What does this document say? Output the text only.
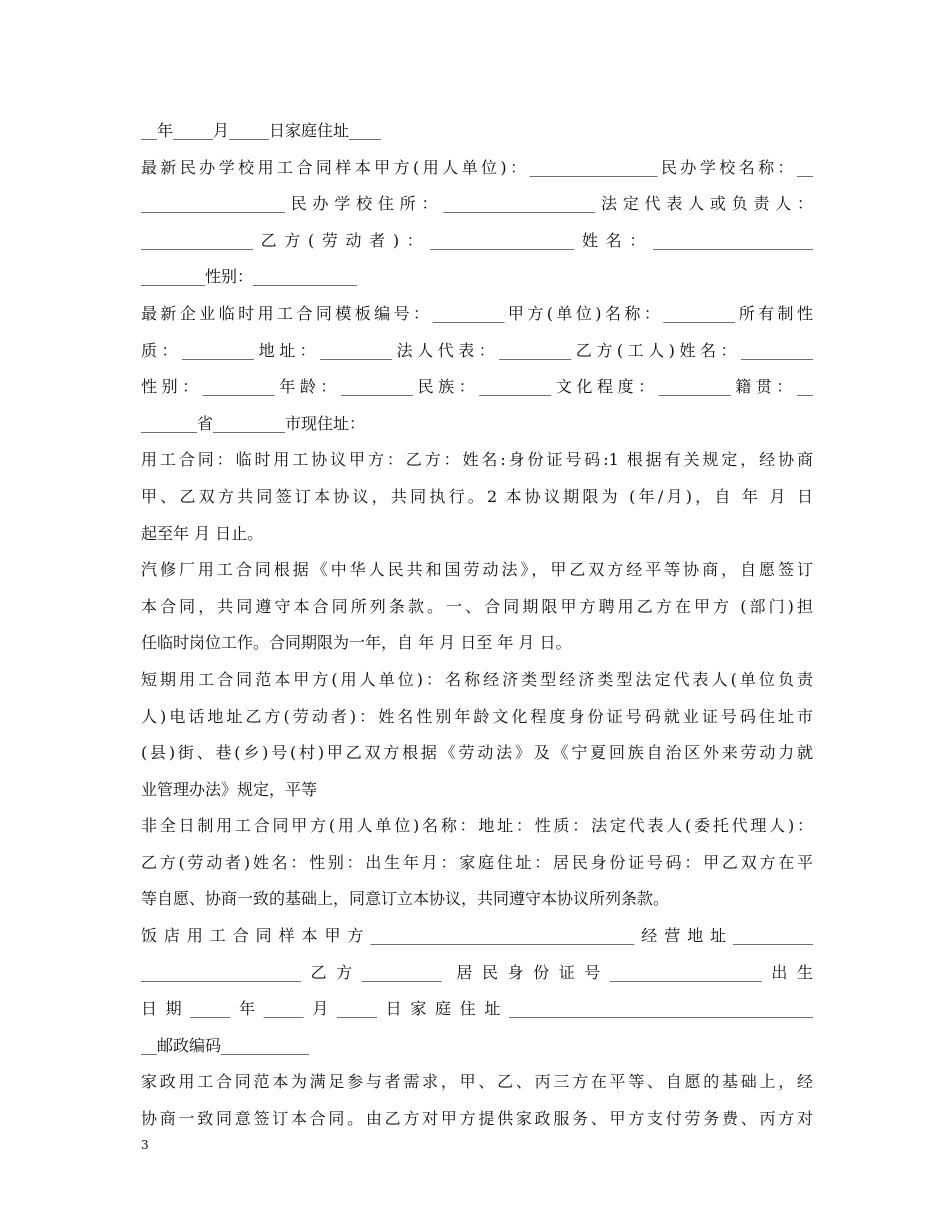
__年_____月_____日家庭住址____
最新民办学校用工合同样本甲方(用人单位)：________________民办学校名称：__
__________________民办学校住所：___________________法定代表人或负责人：
______________乙方(劳动者)：__________________姓名：____________________
________性别：_____________
最新企业临时用工合同模板编号：_________甲方(单位)名称：_________所有制性
质：_________地址：_________法人代表：_________乙方(工人)姓名：_________
性别：_________年龄：_________民族：_________文化程度：_________籍贯：__
_______省_________市现住址：
用工合同：临时用工协议甲方：乙方：姓名:身份证号码:1 根据有关规定，经协商
甲、乙双方共同签订本协议，共同执行。2 本协议期限为 (年/月)，自 年 月 日
起至年 月 日止。
汽修厂用工合同根据《中华人民共和国劳动法》，甲乙双方经平等协商，自愿签订
本合同，共同遵守本合同所列条款。一、合同期限甲方聘用乙方在甲方 (部门)担
任临时岗位工作。合同期限为一年，自 年 月 日至 年 月 日。
短期用工合同范本甲方(用人单位)：名称经济类型经济类型法定代表人(单位负责
人)电话地址乙方(劳动者)：姓名性别年龄文化程度身份证号码就业证号码住址市
(县)街、巷(乡)号(村)甲乙双方根据《劳动法》及《宁夏回族自治区外来劳动力就
业管理办法》规定，平等
非全日制用工合同甲方(用人单位)名称：地址：性质：法定代表人(委托代理人)：
乙方(劳动者)姓名：性别：出生年月：家庭住址：居民身份证号码：甲乙双方在平
等自愿、协商一致的基础上，同意订立本协议，共同遵守本协议所列条款。
饭店用工合同样本甲方_________________________________经营地址__________
____________________乙方__________ 居民身份证号___________________出生
日期_____年_____月_____日家庭住址______________________________________
__邮政编码___________
家政用工合同范本为满足参与者需求，甲、乙、丙三方在平等、自愿的基础上，经
协商一致同意签订本合同。由乙方对甲方提供家政服务、甲方支付劳务费、丙方对
3
